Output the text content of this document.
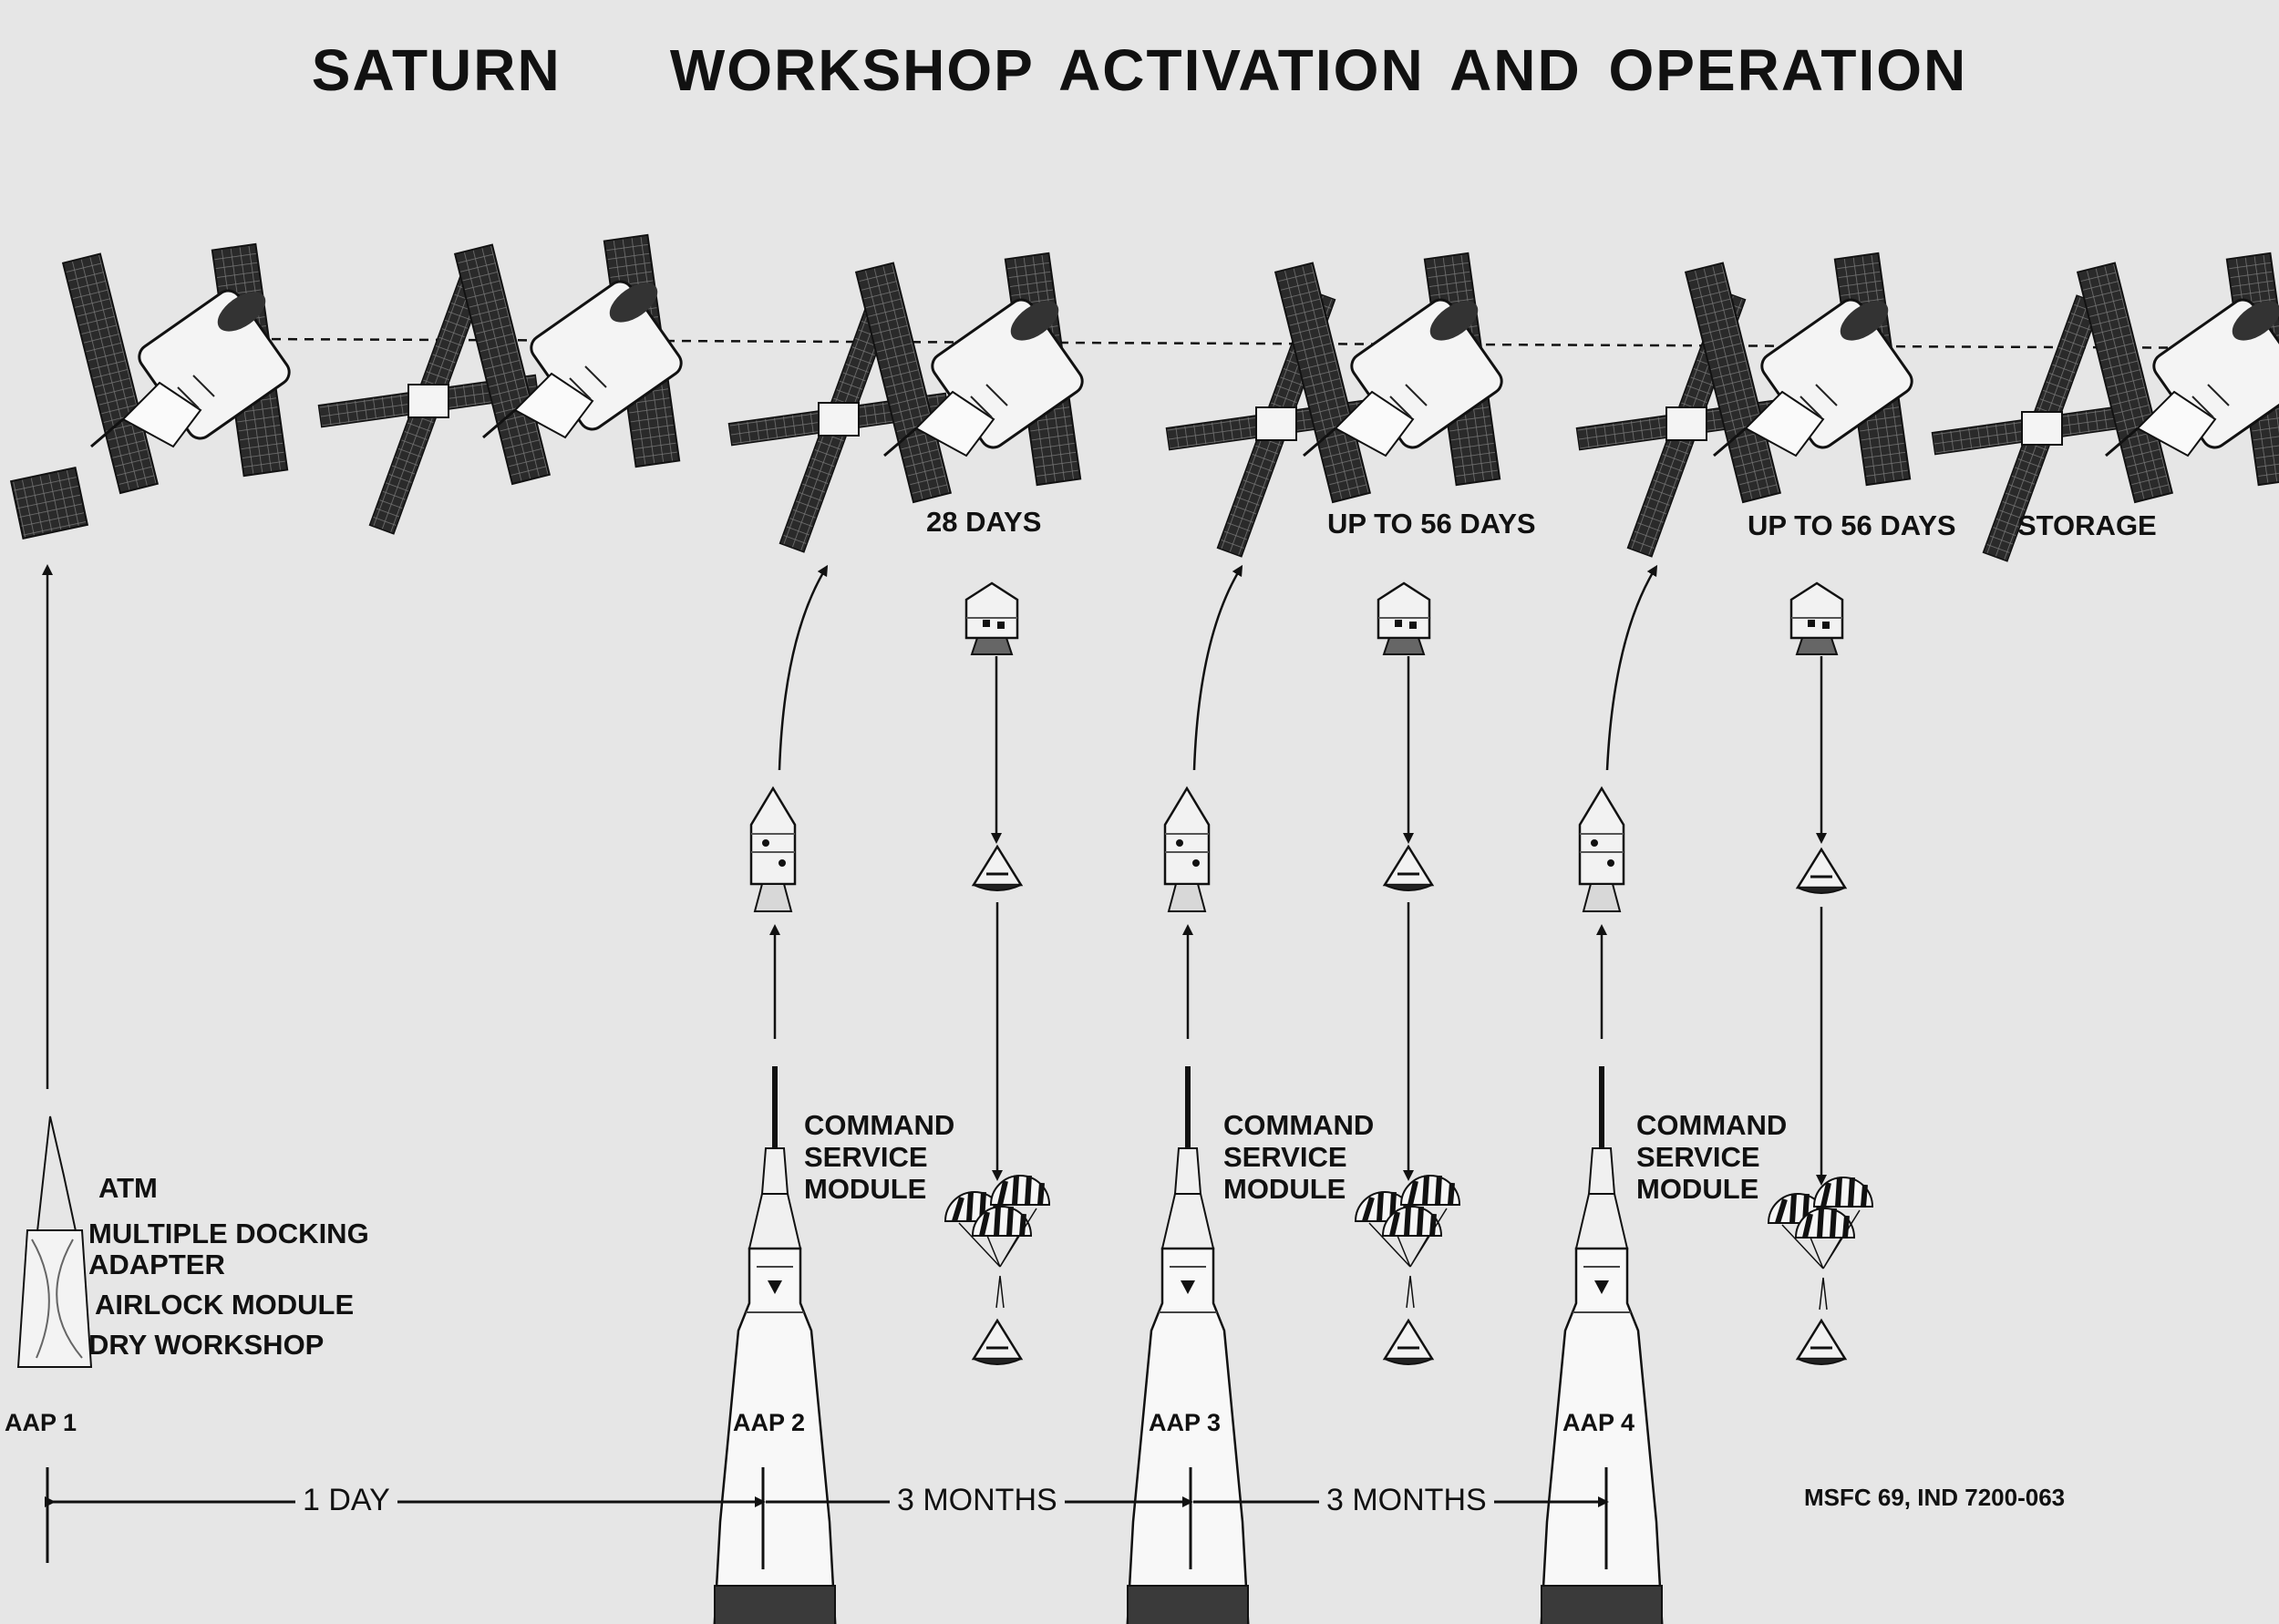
SATURN    WORKSHOP ACTIVATION AND OPERATION
ATM
MULTIPLE DOCKING
ADAPTER
AIRLOCK MODULE
DRY WORKSHOP
28 DAYS	UP TO 56 DAYS	UP TO 56 DAYS STORAGE
COMMAND
SERVICE
MODULE
COMMAND
SERVICE
MODULE
COMMAND
SERVICE
MODULE
AAP 1	AAP 2	AAP 3	AAP 4
1 DAY	3 MONTHS	3 MONTHS	MSFC 69, IND 7200-063
